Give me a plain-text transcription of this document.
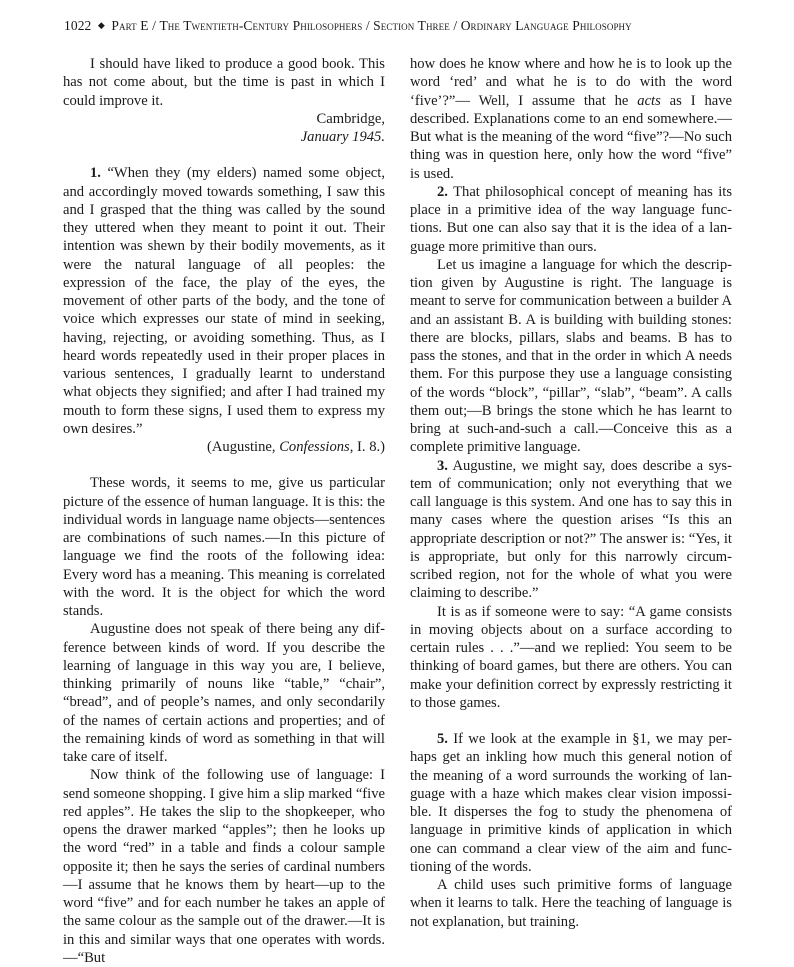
1022 ◆ Part E / The Twentieth-Century Philosophers / Section Three / Ordinary Language Philosophy

I should have liked to produce a good book. This has not come about, but the time is past in which I could improve it.

Cambridge,
January 1945.

1. “When they (my elders) named some object, and accordingly moved towards something, I saw this and I grasped that the thing was called by the sound they uttered when they meant to point it out. Their intention was shewn by their bodily movements, as it were the natural language of all peoples: the expression of the face, the play of the eyes, the movement of other parts of the body, and the tone of voice which expresses our state of mind in seeking, having, rejecting, or avoiding something. Thus, as I heard words repeatedly used in their proper places in various sentences, I gradually learnt to understand what objects they signified; and after I had trained my mouth to form these signs, I used them to express my own desires.”

(Augustine, Confessions, I. 8.)

These words, it seems to me, give us particular picture of the essence of human language. It is this: the individual words in language name objects—sentences are combinations of such names.—In this picture of language we find the roots of the following idea: Every word has a meaning. This meaning is correlated with the word. It is the object for which the word stands.

Augustine does not speak of there being any difference between kinds of word. If you describe the learning of language in this way you are, I believe, thinking primarily of nouns like “table,” “chair”, “bread”, and of people’s names, and only secondarily of the names of certain actions and properties; and of the remaining kinds of word as something in that will take care of itself.

Now think of the following use of language: I send someone shopping. I give him a slip marked “five red apples”. He takes the slip to the shopkeeper, who opens the drawer marked “apples”; then he looks up the word “red” in a table and finds a colour sample opposite it; then he says the series of cardinal numbers—I assume that he knows them by heart—up to the word “five” and for each number he takes an apple of the same colour as the sample out of the drawer.—It is in this and similar ways that one operates with words.—“But

how does he know where and how he is to look up the word ‘red’ and what he is to do with the word ‘five’?”— Well, I assume that he acts as I have described. Explanations come to an end somewhere.—But what is the meaning of the word “five”?—No such thing was in question here, only how the word “five” is used.

2. That philosophical concept of meaning has its place in a primitive idea of the way language functions. But one can also say that it is the idea of a language more primitive than ours.

Let us imagine a language for which the description given by Augustine is right. The language is meant to serve for communication between a builder A and an assistant B. A is building with building stones: there are blocks, pillars, slabs and beams. B has to pass the stones, and that in the order in which A needs them. For this purpose they use a language consisting of the words “block”, “pillar”, “slab”, “beam”. A calls them out;—B brings the stone which he has learnt to bring at such-and-such a call.—Conceive this as a complete primitive language.

3. Augustine, we might say, does describe a system of communication; only not everything that we call language is this system. And one has to say this in many cases where the question arises “Is this an appropriate description or not?” The answer is: “Yes, it is appropriate, but only for this narrowly circumscribed region, not for the whole of what you were claiming to describe.”

It is as if someone were to say: “A game consists in moving objects about on a surface according to certain rules . . .”—and we replied: You seem to be thinking of board games, but there are others. You can make your definition correct by expressly restricting it to those games.

5. If we look at the example in §1, we may perhaps get an inkling how much this general notion of the meaning of a word surrounds the working of language with a haze which makes clear vision impossible. It disperses the fog to study the phenomena of language in primitive kinds of application in which one can command a clear view of the aim and functioning of the words.

A child uses such primitive forms of language when it learns to talk. Here the teaching of language is not explanation, but training.
